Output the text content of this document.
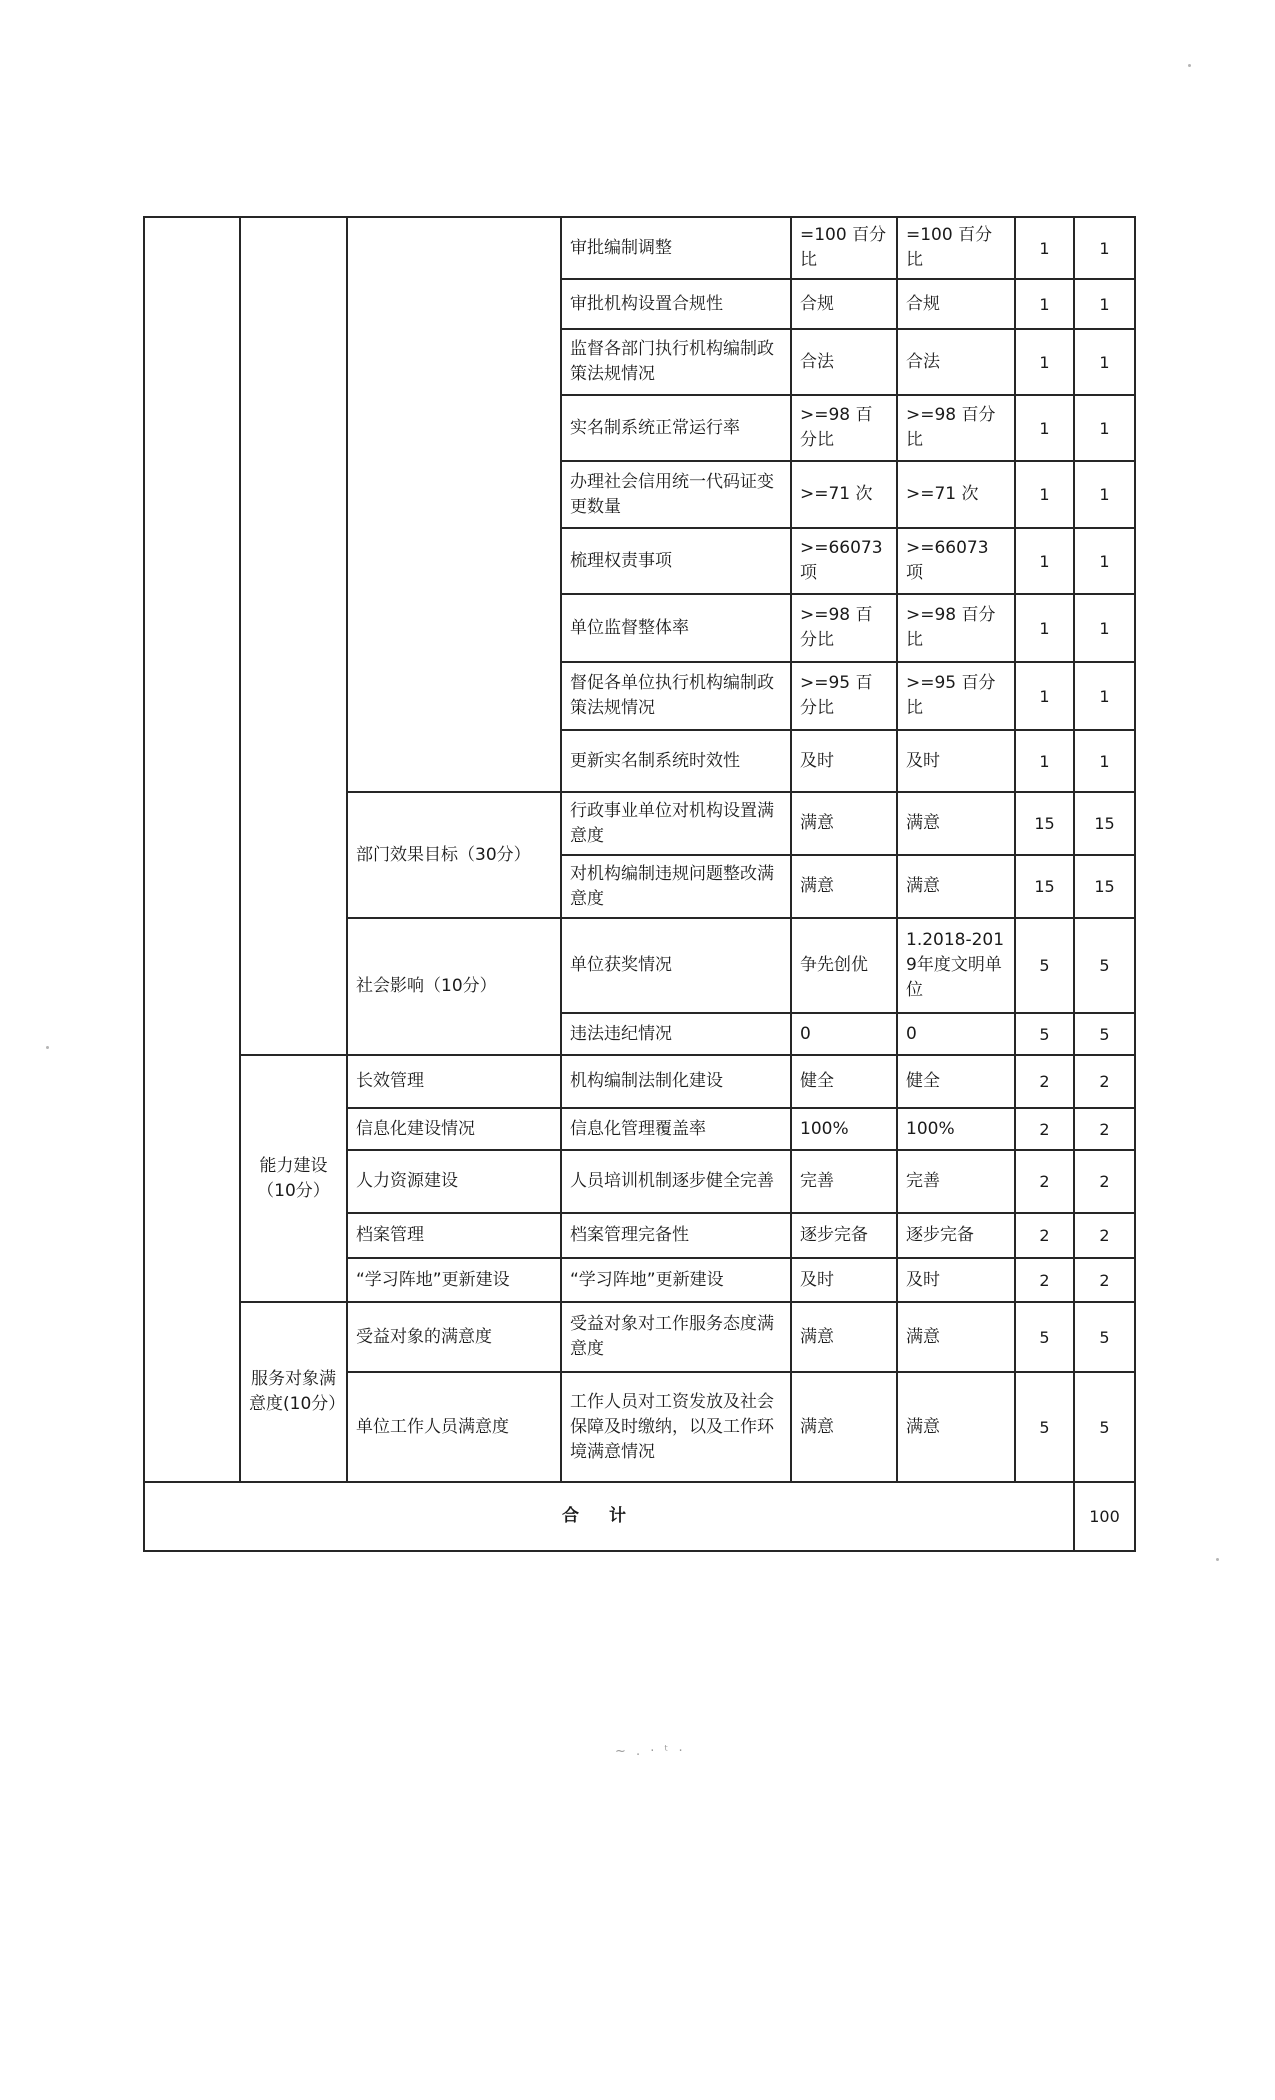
			审批编制调整	=100 百分比	=100 百分比	1	1
			审批机构设置合规性	合规	合规	1	1
			监督各部门执行机构编制政策法规情况	合法	合法	1	1
			实名制系统正常运行率	>=98 百分比	>=98 百分比	1	1
			办理社会信用统一代码证变更数量	>=71 次	>=71 次	1	1
			梳理权责事项	>=66073 项	>=66073 项	1	1
			单位监督整体率	>=98 百分比	>=98 百分比	1	1
			督促各单位执行机构编制政策法规情况	>=95 百分比	>=95 百分比	1	1
			更新实名制系统时效性	及时	及时	1	1
		部门效果目标（30分）	行政事业单位对机构设置满意度	满意	满意	15	15
			对机构编制违规问题整改满意度	满意	满意	15	15
		社会影响（10分）	单位获奖情况	争先创优	1.2018-2019年度文明单位	5	5
			违法违纪情况	0	0	5	5
	能力建设（10分）	长效管理	机构编制法制化建设	健全	健全	2	2
		信息化建设情况	信息化管理覆盖率	100%	100%	2	2
		人力资源建设	人员培训机制逐步健全完善	完善	完善	2	2
		档案管理	档案管理完备性	逐步完备	逐步完备	2	2
		“学习阵地”更新建设	“学习阵地”更新建设	及时	及时	2	2
	服务对象满意度(10分）	受益对象的满意度	受益对象对工作服务态度满意度	满意	满意	5	5
		单位工作人员满意度	工作人员对工资发放及社会保障及时缴纳，以及工作环境满意情况	满意	满意	5	5
合计							100
~ . · ᵗ ·
